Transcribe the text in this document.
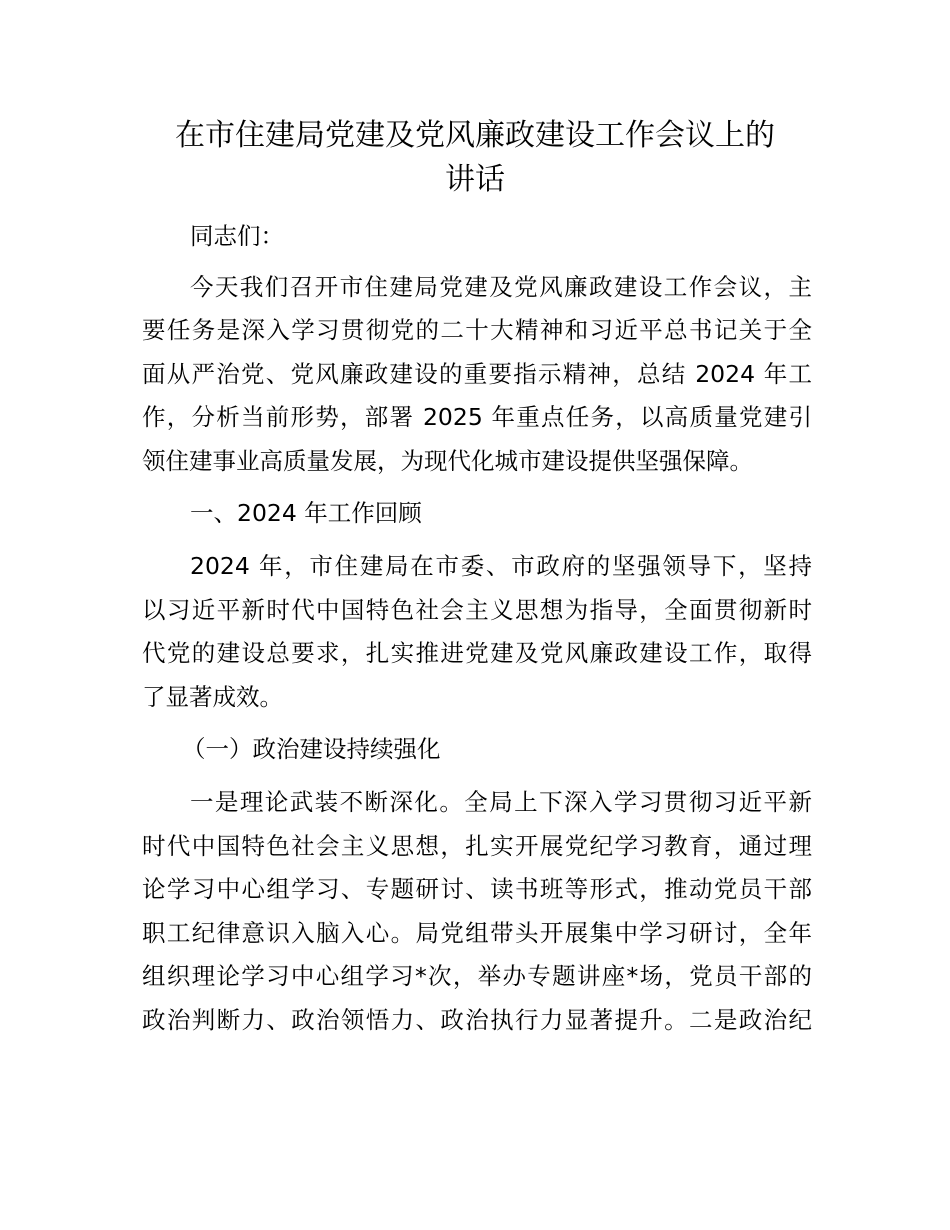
在市住建局党建及党风廉政建设工作会议上的
讲话

同志们：

今天我们召开市住建局党建及党风廉政建设工作会议，主

要任务是深入学习贯彻党的二十大精神和习近平总书记关于全

面从严治党、党风廉政建设的重要指示精神，总结 2024 年工

作，分析当前形势，部署 2025 年重点任务，以高质量党建引

领住建事业高质量发展，为现代化城市建设提供坚强保障。

一、2024 年工作回顾

2024 年，市住建局在市委、市政府的坚强领导下，坚持

以习近平新时代中国特色社会主义思想为指导，全面贯彻新时

代党的建设总要求，扎实推进党建及党风廉政建设工作，取得

了显著成效。

（一）政治建设持续强化

一是理论武装不断深化。全局上下深入学习贯彻习近平新

时代中国特色社会主义思想，扎实开展党纪学习教育，通过理

论学习中心组学习、专题研讨、读书班等形式，推动党员干部

职工纪律意识入脑入心。局党组带头开展集中学习研讨，全年

组织理论学习中心组学习*次，举办专题讲座*场，党员干部的

政治判断力、政治领悟力、政治执行力显著提升。二是政治纪
